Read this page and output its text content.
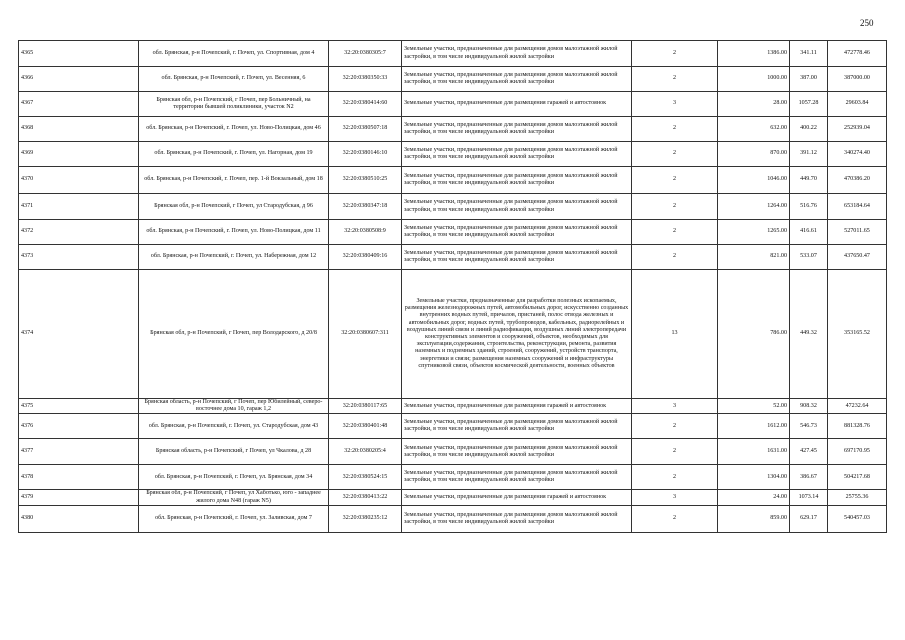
250
4365	обл. Брянская, р-н Почепский, г. Почеп, ул. Спортивная, дом 4	32:20:0380305:7	Земельные участки, предназначенные для размещения домов малоэтажной жилой застройки, в том числе индивидуальной жилой застройки	2	1386.00	341.11	472778.46
4366	обл. Брянская, р-н Почепский, г. Почеп, ул. Весенняя, 6	32:20:0380350:33	Земельные участки, предназначенные для размещения домов малоэтажной жилой застройки, в том числе индивидуальной жилой застройки	2	1000.00	387.00	387000.00
4367	Брянская обл, р-н Почепский, г Почеп, пер Больничный, на территории бывшей поликлиники, участок N2	32:20:0380414:60	Земельные участки, предназначенные для размещения гаражей и автостоянок	3	28.00	1057.28	29603.84
4368	обл. Брянская, р-н Почепский, г. Почеп, ул. Ново-Полицкая, дом 46	32:20:0380507:18	Земельные участки, предназначенные для размещения домов малоэтажной жилой застройки, в том числе индивидуальной жилой застройки	2	632.00	400.22	252939.04
4369	обл. Брянская, р-н Почепский, г. Почеп, ул. Нагорная, дом 19	32:20:0380146:10	Земельные участки, предназначенные для размещения домов малоэтажной жилой застройки, в том числе индивидуальной жилой застройки	2	870.00	391.12	340274.40
4370	обл. Брянская, р-н Почепский, г. Почеп, пер. 1-й Вокзальный, дом 18	32:20:0380510:25	Земельные участки, предназначенные для размещения домов малоэтажной жилой застройки, в том числе индивидуальной жилой застройки	2	1046.00	449.70	470386.20
4371	Брянская обл, р-н Почепский, г Почеп, ул Стародубская, д 96	32:20:0380347:18	Земельные участки, предназначенные для размещения домов малоэтажной жилой застройки, в том числе индивидуальной жилой застройки	2	1264.00	516.76	653184.64
4372	обл. Брянская, р-н Почепский, г. Почеп, ул. Ново-Полицкая, дом 11	32:20:0380508:9	Земельные участки, предназначенные для размещения домов малоэтажной жилой застройки, в том числе индивидуальной жилой застройки	2	1265.00	416.61	527011.65
4373	обл. Брянская, р-н Почепский, г. Почеп, ул. Набережная, дом 12	32:20:0380409:16	Земельные участки, предназначенные для размещения домов малоэтажной жилой застройки, в том числе индивидуальной жилой застройки	2	821.00	533.07	437650.47
4374	Брянская обл, р-н Почепский, г Почеп, пер Володарского, д 20/8	32:20:0380607:311	Земельные участки, предназначенные для разработки полезных ископаемых, размещения железнодорожных путей, автомобильных дорог, искусственно созданных внутренних водных путей, причалов, пристаней, полос отвода железных и автомобильных дорог, водных путей, трубопроводов, кабельных, радиорелейных и воздушных линий связи и линий радиофикации, воздушных линий электропередачи конструктивных элементов и сооружений, объектов, необходимых для эксплуатации,содержания, строительства, реконструкции, ремонта, развития наземных и подземных зданий, строений, сооружений, устройств транспорта, энергетики и связи; размещения наземных сооружений и инфраструктуры спутниковой связи, объектов космической деятельности, военных объектов	13	786.00	449.32	353165.52
4375	Брянская область, р-н Почепский, г Почеп, пер Юбилейный, северо-восточнее дома 10, гараж 1,2	32:20:0380117:65	Земельные участки, предназначенные для размещения гаражей и автостоянок	3	52.00	908.32	47232.64
4376	обл. Брянская, р-н Почепский, г. Почеп, ул. Стародубская, дом 43	32:20:0380401:48	Земельные участки, предназначенные для размещения домов малоэтажной жилой застройки, в том числе индивидуальной жилой застройки	2	1612.00	546.73	881328.76
4377	Брянская область, р-н Почепский, г Почеп, ул Чкалова, д 28	32:20:0380205:4	Земельные участки, предназначенные для размещения домов малоэтажной жилой застройки, в том числе индивидуальной жилой застройки	2	1631.00	427.45	697170.95
4378	обл. Брянская, р-н Почепский, г. Почеп, ул. Брянская, дом 34	32:20:0380524:15	Земельные участки, предназначенные для размещения домов малоэтажной жилой застройки, в том числе индивидуальной жилой застройки	2	1304.00	386.67	504217.68
4379	Брянская обл, р-н Почепский, г Почеп, ул Хаботько, юго - западнее жилого дома N48 (гараж N5)	32:20:0380413:22	Земельные участки, предназначенные для размещения гаражей и автостоянок	3	24.00	1073.14	25755.36
4380	обл. Брянская, р-н Почепский, г. Почеп, ул. Заливская, дом 7	32:20:0380235:12	Земельные участки, предназначенные для размещения домов малоэтажной жилой застройки, в том числе индивидуальной жилой застройки	2	859.00	629.17	540457.03
